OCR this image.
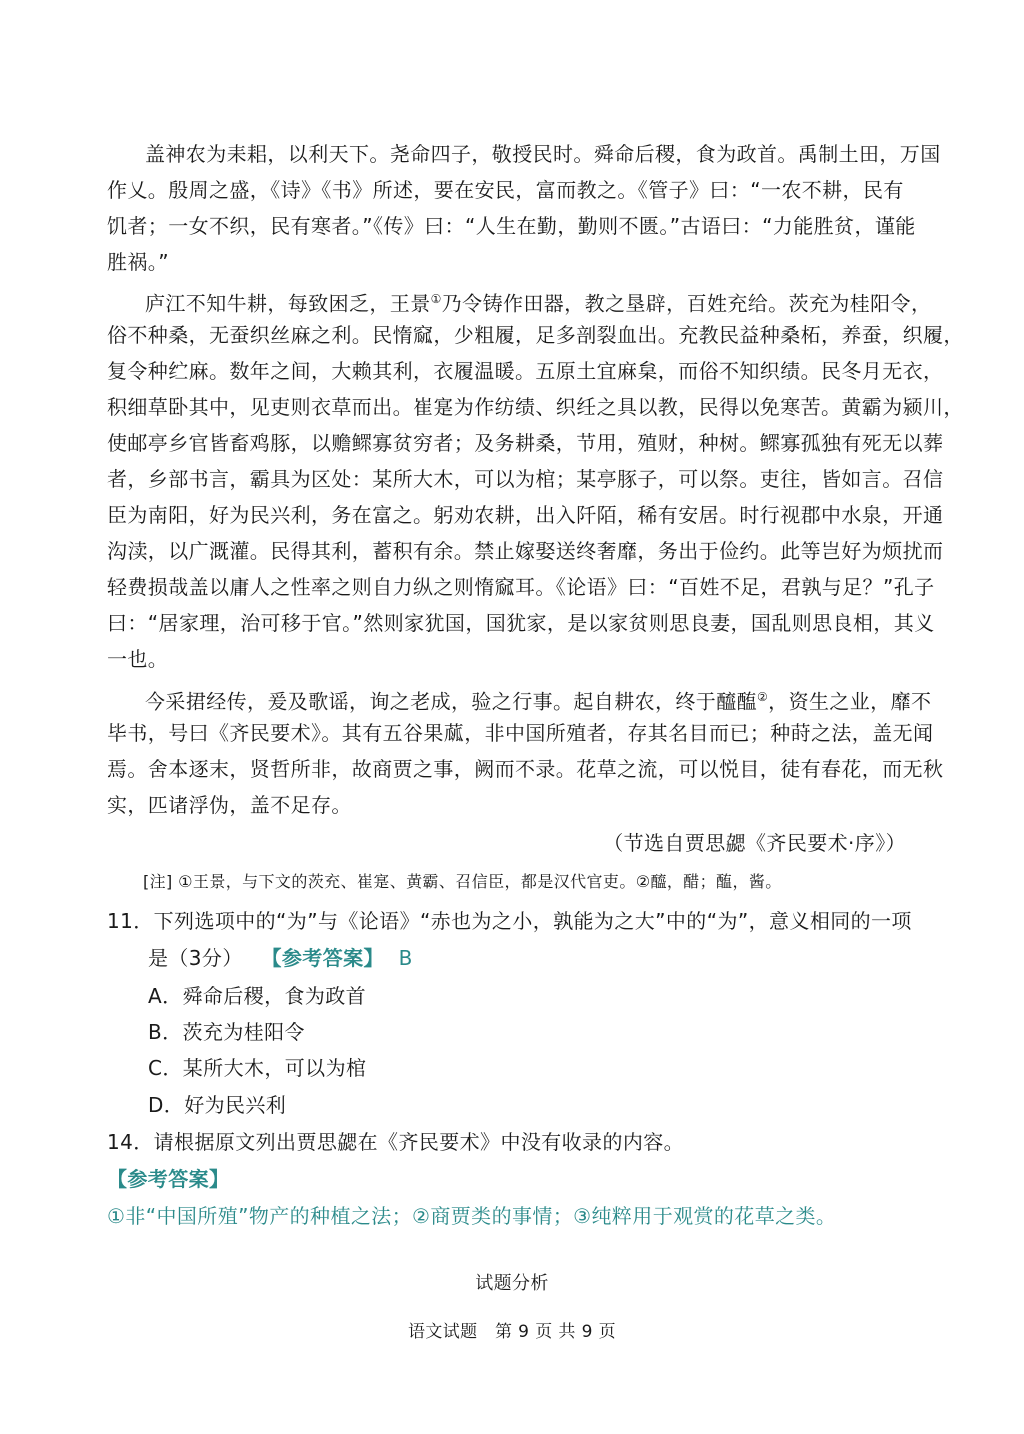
盖神农为耒耜，以利天下。尧命四子，敬授民时。舜命后稷，食为政首。禹制土田，万国
作乂。殷周之盛，《诗》《书》所述，要在安民，富而教之。《管子》曰：“一农不耕，民有
饥者；一女不织，民有寒者。”《传》曰：“人生在勤，勤则不匮。”古语曰：“力能胜贫，谨能
胜祸。”
庐江不知牛耕，每致困乏，王景①乃令铸作田器，教之垦辟，百姓充给。茨充为桂阳令，
俗不种桑，无蚕织丝麻之利。民惰窳，少粗履，足多剖裂血出。充教民益种桑柘，养蚕，织履，
复令种纻麻。数年之间，大赖其利，衣履温暖。五原土宜麻枲，而俗不知织绩。民冬月无衣，
积细草卧其中，见吏则衣草而出。崔寔为作纺绩、织纴之具以教，民得以免寒苦。黄霸为颍川，
使邮亭乡官皆畜鸡豚，以赡鳏寡贫穷者；及务耕桑，节用，殖财，种树。鳏寡孤独有死无以葬
者，乡部书言，霸具为区处：某所大木，可以为棺；某亭豚子，可以祭。吏往，皆如言。召信
臣为南阳，好为民兴利，务在富之。躬劝农耕，出入阡陌，稀有安居。时行视郡中水泉，开通
沟渎，以广溉灌。民得其利，蓄积有余。禁止嫁娶送终奢靡，务出于俭约。此等岂好为烦扰而
轻费损哉盖以庸人之性率之则自力纵之则惰窳耳。《论语》曰：“百姓不足，君孰与足？”孔子
曰：“居家理，治可移于官。”然则家犹国，国犹家，是以家贫则思良妻，国乱则思良相，其义
一也。
今采捃经传，爰及歌谣，询之老成，验之行事。起自耕农，终于醯醢②，资生之业，靡不
毕书，号曰《齐民要术》。其有五谷果蓏，非中国所殖者，存其名目而已；种莳之法，盖无闻
焉。舍本逐末，贤哲所非，故商贾之事，阙而不录。花草之流，可以悦目，徒有春花，而无秋
实，匹诸浮伪，盖不足存。
（节选自贾思勰《齐民要术·序》）
[注] ①王景，与下文的茨充、崔寔、黄霸、召信臣，都是汉代官吏。②醯，醋；醢，酱。
11．下列选项中的“为”与《论语》“赤也为之小，孰能为之大”中的“为”，意义相同的一项
是（3分） 【参考答案】 B
A．舜命后稷，食为政首
B．茨充为桂阳令
C．某所大木，可以为棺
D．好为民兴利
14．请根据原文列出贾思勰在《齐民要术》中没有收录的内容。
【参考答案】
①非“中国所殖”物产的种植之法；②商贾类的事情；③纯粹用于观赏的花草之类。
试题分析
语文试题　第 9 页 共 9 页
